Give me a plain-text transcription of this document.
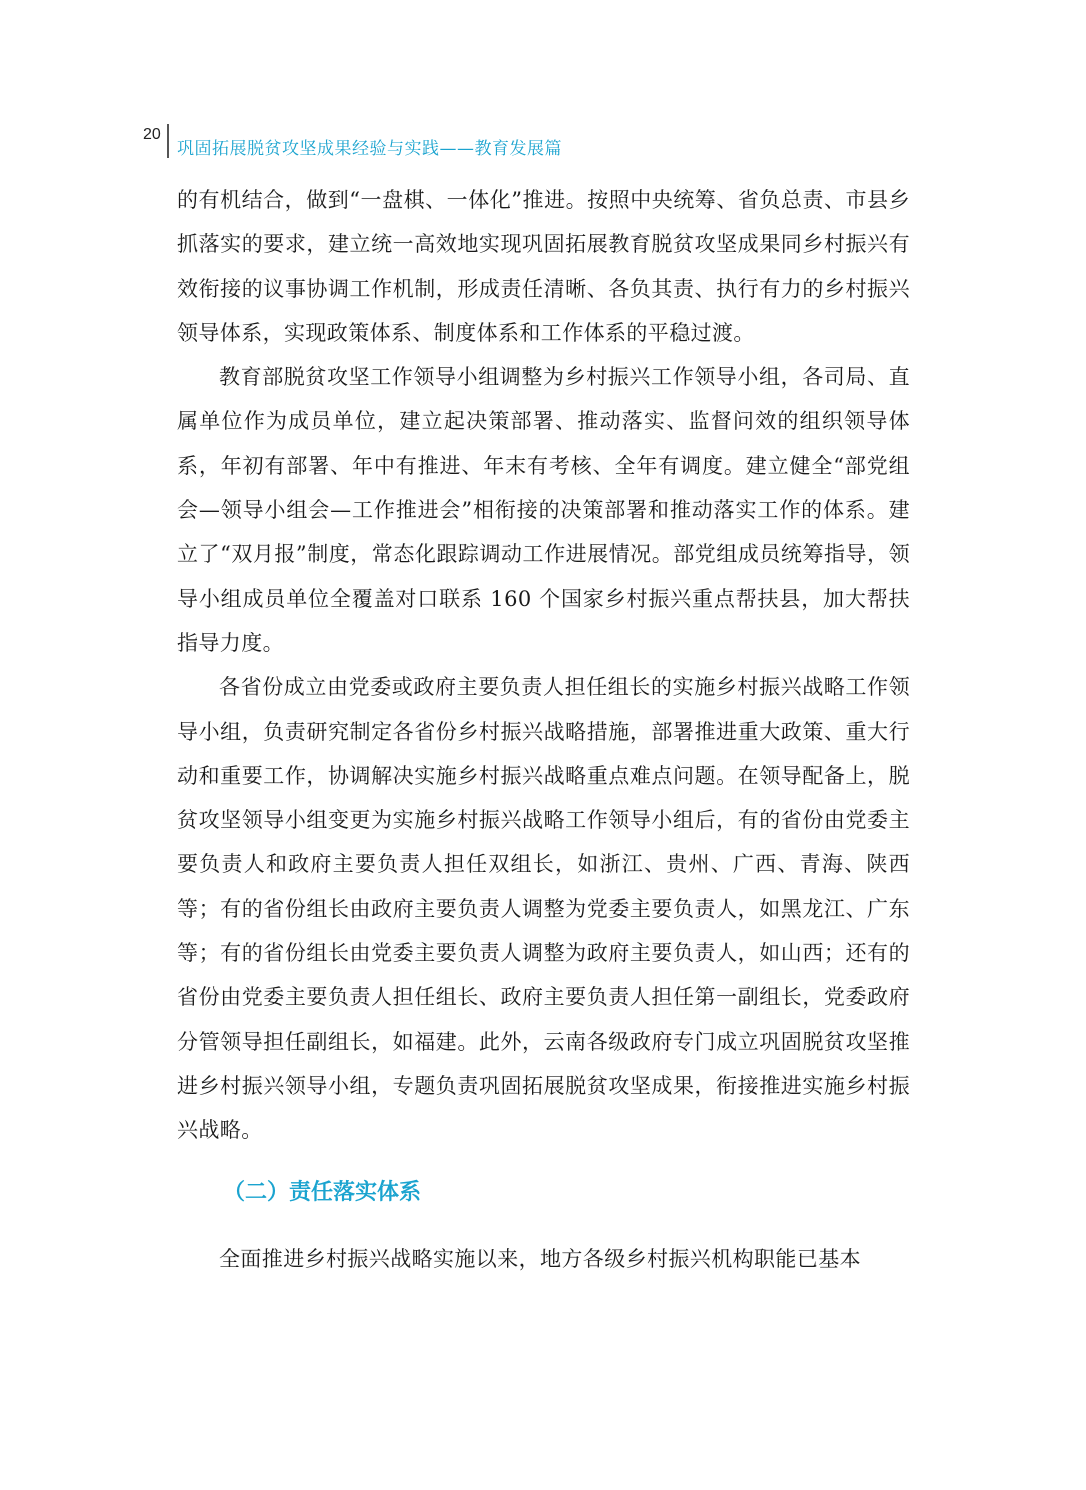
20
巩固拓展脱贫攻坚成果经验与实践——教育发展篇

的有机结合，做到“一盘棋、一体化”推进。按照中央统筹、省负总责、市县乡抓落实的要求，建立统一高效地实现巩固拓展教育脱贫攻坚成果同乡村振兴有效衔接的议事协调工作机制，形成责任清晰、各负其责、执行有力的乡村振兴领导体系，实现政策体系、制度体系和工作体系的平稳过渡。

教育部脱贫攻坚工作领导小组调整为乡村振兴工作领导小组，各司局、直属单位作为成员单位，建立起决策部署、推动落实、监督问效的组织领导体系，年初有部署、年中有推进、年末有考核、全年有调度。建立健全“部党组会—领导小组会—工作推进会”相衔接的决策部署和推动落实工作的体系。建立了“双月报”制度，常态化跟踪调动工作进展情况。部党组成员统筹指导，领导小组成员单位全覆盖对口联系 160 个国家乡村振兴重点帮扶县，加大帮扶指导力度。

各省份成立由党委或政府主要负责人担任组长的实施乡村振兴战略工作领导小组，负责研究制定各省份乡村振兴战略措施，部署推进重大政策、重大行动和重要工作，协调解决实施乡村振兴战略重点难点问题。在领导配备上，脱贫攻坚领导小组变更为实施乡村振兴战略工作领导小组后，有的省份由党委主要负责人和政府主要负责人担任双组长，如浙江、贵州、广西、青海、陕西等；有的省份组长由政府主要负责人调整为党委主要负责人，如黑龙江、广东等；有的省份组长由党委主要负责人调整为政府主要负责人，如山西；还有的省份由党委主要负责人担任组长、政府主要负责人担任第一副组长，党委政府分管领导担任副组长，如福建。此外，云南各级政府专门成立巩固脱贫攻坚推进乡村振兴领导小组，专题负责巩固拓展脱贫攻坚成果，衔接推进实施乡村振兴战略。

（二）责任落实体系

全面推进乡村振兴战略实施以来，地方各级乡村振兴机构职能已基本
